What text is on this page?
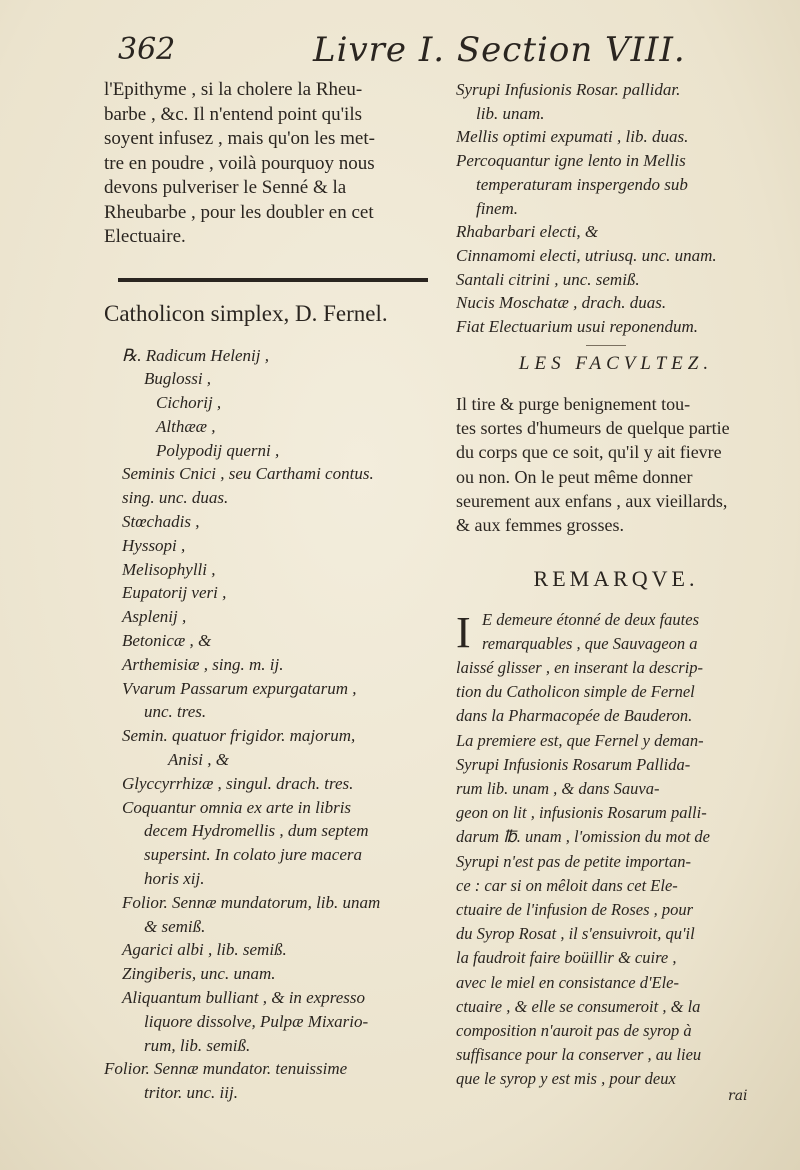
362	Livre I. Section VIII.
l'Epithyme , si la cholere la Rheu-
barbe , &c. Il n'entend point qu'ils
soyent infusez , mais qu'on les met-
tre en poudre , voilà pourquoy nous
devons pulveriser le Senné & la
Rheubarbe , pour les doubler en cet
Electuaire.
Catholicon simplex, D. Fernel.
℞. Radicum Helenij ,
Buglossi ,
Cichorij ,
Althææ ,
Polypodij querni ,
Seminis Cnici , seu Carthami contus.
sing. unc. duas.
Stœchadis ,
Hyssopi ,
Melisophylli ,
Eupatorij veri ,
Asplenij ,
Betonicæ , &
Arthemisiæ , sing. m. ij.
Vvarum Passarum expurgatarum ,
unc. tres.
Semin. quatuor frigidor. majorum,
Anisi , &
Glyccyrrhizæ , singul. drach. tres.
Coquantur omnia ex arte in libris
decem Hydromellis , dum septem
supersint. In colato jure macera
horis xij.
Folior. Sennæ mundatorum, lib. unam
& semiß.
Agarici albi , lib. semiß.
Zingiberis, unc. unam.
Aliquantum bulliant , & in expresso
liquore dissolve, Pulpæ Mixario-
rum, lib. semiß.
Folior. Sennæ mundator. tenuissime
tritor. unc. iij.
Syrupi Infusionis Rosar. pallidar.
lib. unam.
Mellis optimi expumati , lib. duas.
Percoquantur igne lento in Mellis
temperaturam inspergendo sub
finem.
Rhabarbari electi, &
Cinnamomi electi, utriusq. unc. unam.
Santali citrini , unc. semiß.
Nucis Moschatæ , drach. duas.
Fiat Electuarium usui reponendum.
LES FACVLTEZ.
Il tire & purge benignement tou-
tes sortes d'humeurs de quelque partie
du corps que ce soit, qu'il y ait fievre
ou non. On le peut même donner
seurement aux enfans , aux vieillards,
& aux femmes grosses.
REMARQVE.
I E demeure étonné de deux fautes
remarquables , que Sauvageon a
laissé glisser , en inserant la descrip-
tion du Catholicon simple de Fernel
dans la Pharmacopée de Bauderon.
La premiere est, que Fernel y deman-
Syrupi Infusionis Rosarum Pallida-
rum lib. unam , & dans Sauva-
geon on lit , infusionis Rosarum palli-
darum ℔. unam , l'omission du mot de
Syrupi n'est pas de petite importan-
ce : car si on mêloit dans cet Ele-
ctuaire de l'infusion de Roses , pour
du Syrop Rosat , il s'ensuivroit, qu'il
la faudroit faire boüillir & cuire ,
avec le miel en consistance d'Ele-
ctuaire , & elle se consumeroit , & la
composition n'auroit pas de syrop à
suffisance pour la conserver , au lieu
que le syrop y est mis , pour deux
rai
